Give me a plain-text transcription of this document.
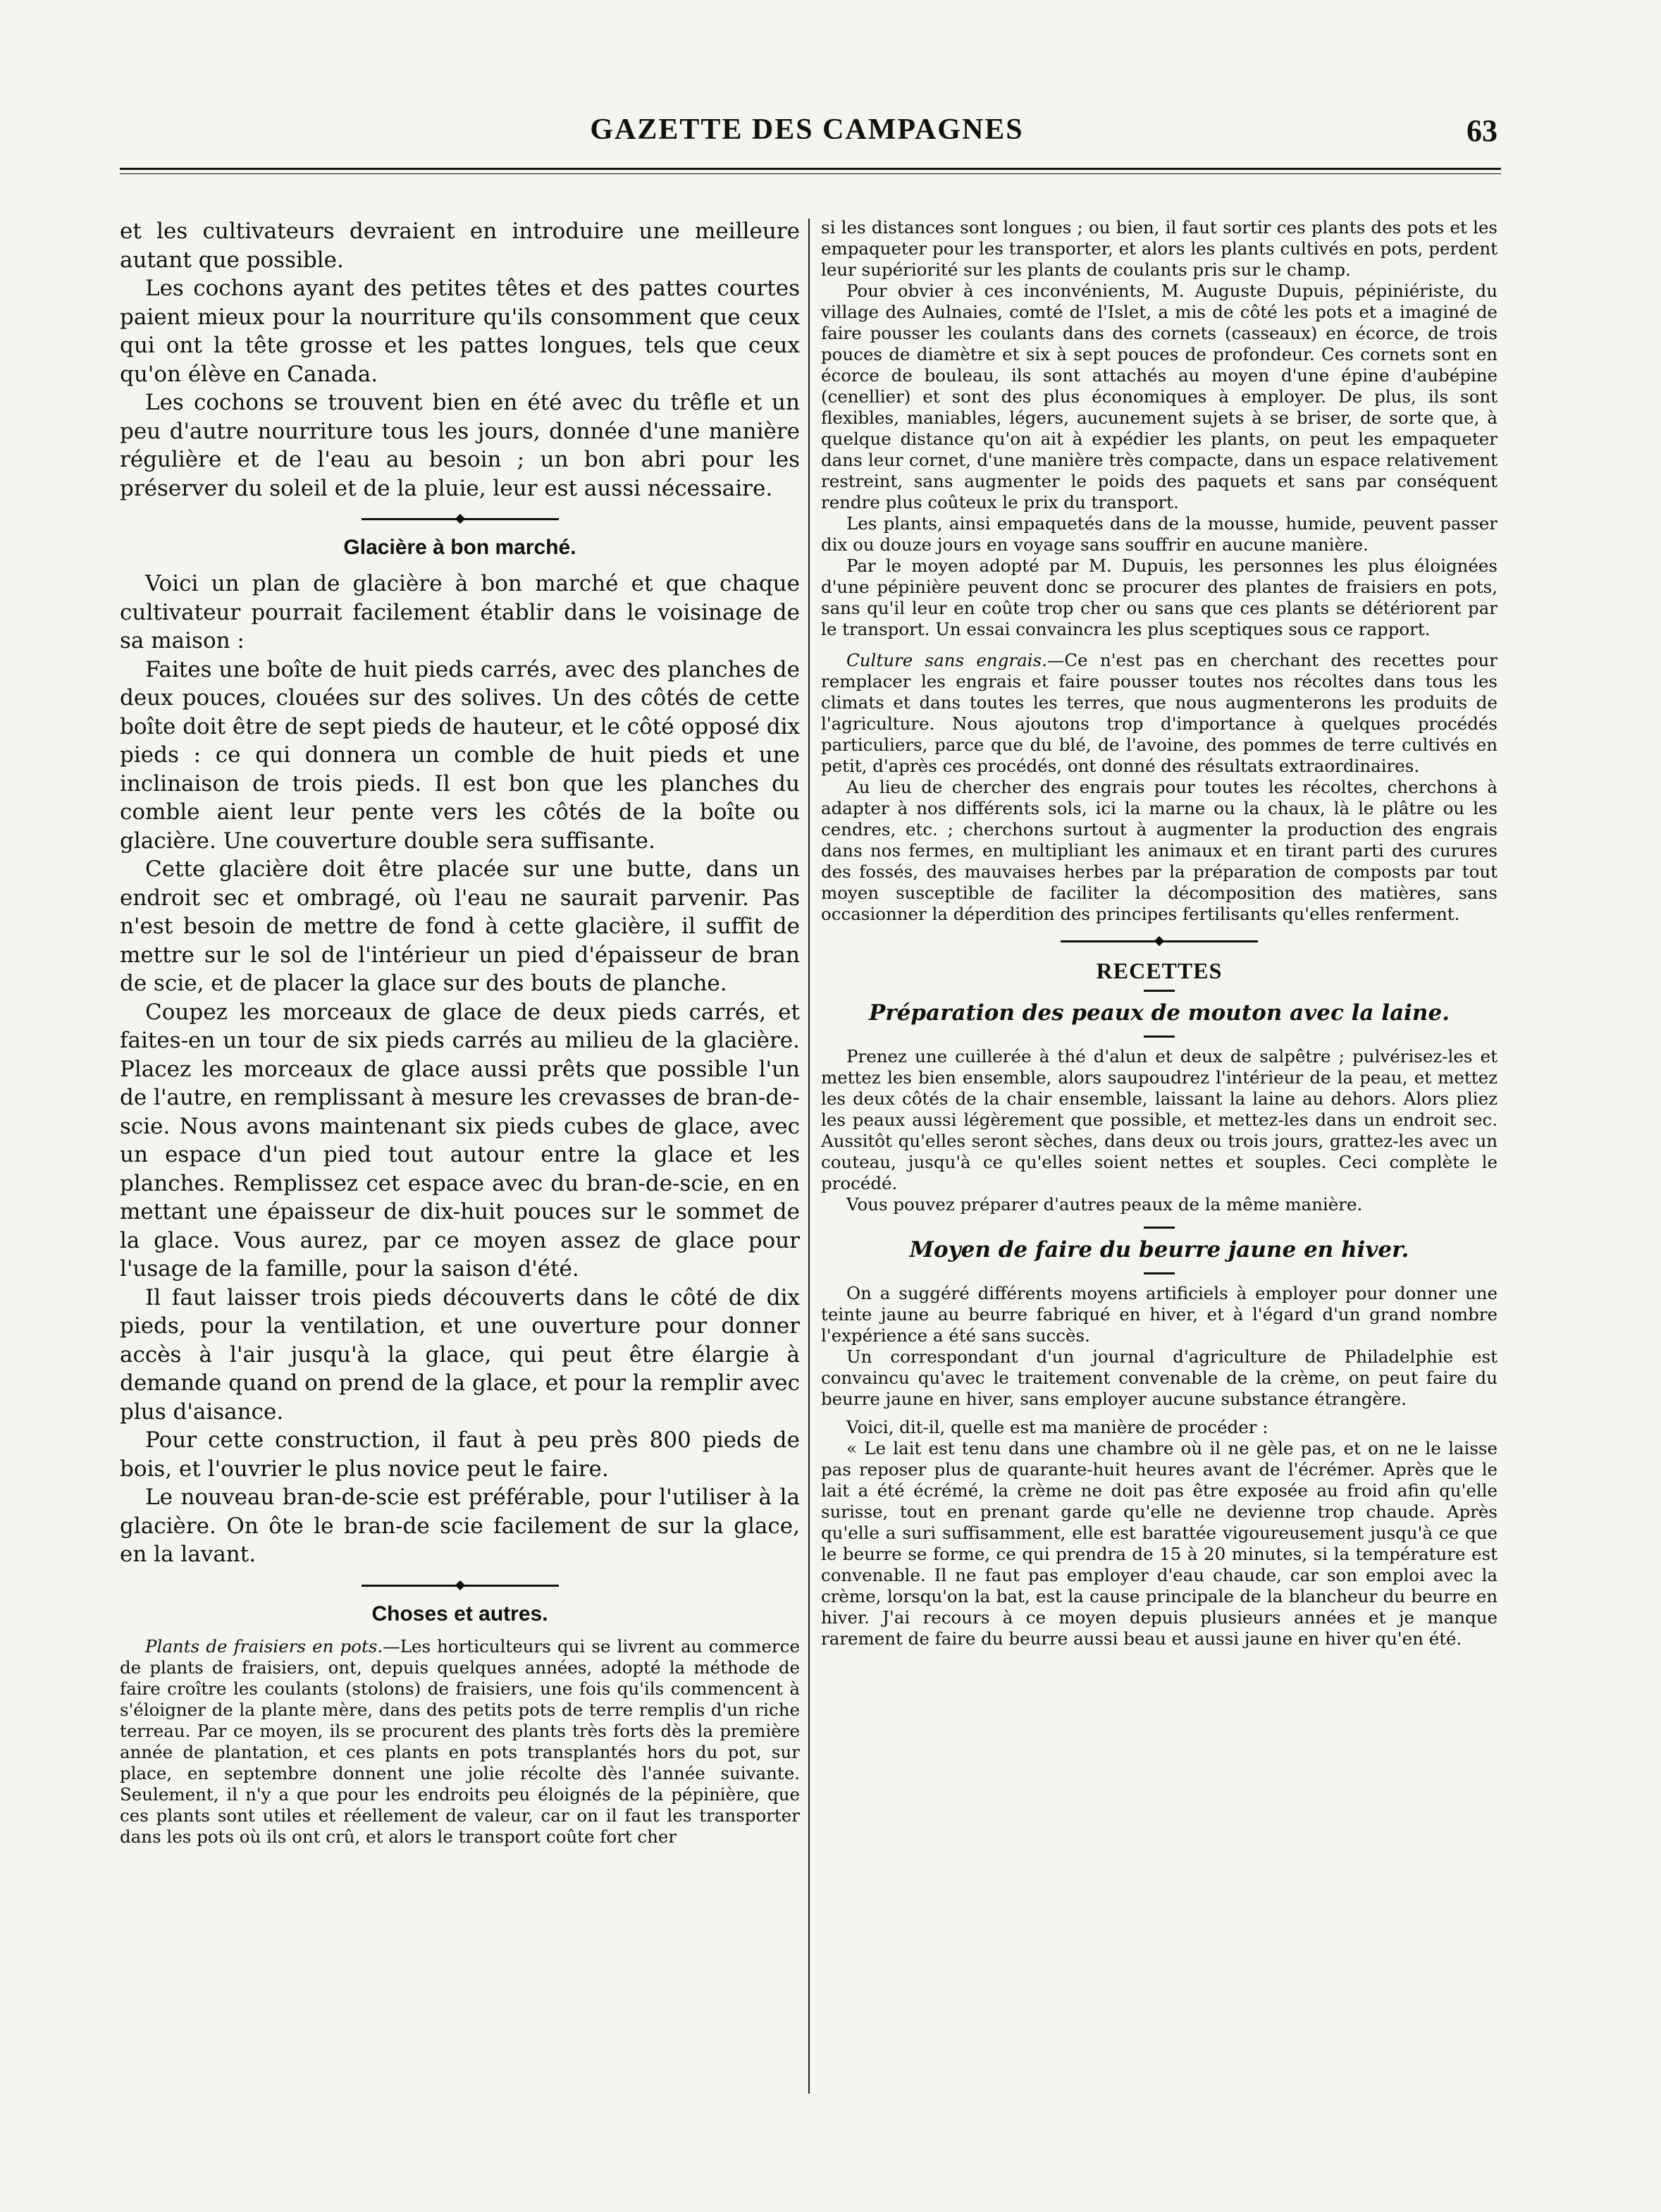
GAZETTE DES CAMPAGNES	63

et les cultivateurs devraient en introduire une meilleure autant que possible.

Les cochons ayant des petites têtes et des pattes courtes paient mieux pour la nourriture qu'ils consomment que ceux qui ont la tête grosse et les pattes longues, tels que ceux qu'on élève en Canada.

Les cochons se trouvent bien en été avec du trêfle et un peu d'autre nourriture tous les jours, donnée d'une manière régulière et de l'eau au besoin ; un bon abri pour les préserver du soleil et de la pluie, leur est aussi nécessaire.

Glacière à bon marché.

Voici un plan de glacière à bon marché et que chaque cultivateur pourrait facilement établir dans le voisinage de sa maison :

Faites une boîte de huit pieds carrés, avec des planches de deux pouces, clouées sur des solives. Un des côtés de cette boîte doit être de sept pieds de hauteur, et le côté opposé dix pieds : ce qui donnera un comble de huit pieds et une inclinaison de trois pieds. Il est bon que les planches du comble aient leur pente vers les côtés de la boîte ou glacière. Une couverture double sera suffisante.

Cette glacière doit être placée sur une butte, dans un endroit sec et ombragé, où l'eau ne saurait parvenir. Pas n'est besoin de mettre de fond à cette glacière, il suffit de mettre sur le sol de l'intérieur un pied d'épaisseur de bran de scie, et de placer la glace sur des bouts de planche.

Coupez les morceaux de glace de deux pieds carrés, et faites-en un tour de six pieds carrés au milieu de la glacière. Placez les morceaux de glace aussi prêts que possible l'un de l'autre, en remplissant à mesure les crevasses de bran-de-scie. Nous avons maintenant six pieds cubes de glace, avec un espace d'un pied tout autour entre la glace et les planches. Remplissez cet espace avec du bran-de-scie, en en mettant une épaisseur de dix-huit pouces sur le sommet de la glace. Vous aurez, par ce moyen assez de glace pour l'usage de la famille, pour la saison d'été.

Il faut laisser trois pieds découverts dans le côté de dix pieds, pour la ventilation, et une ouverture pour donner accès à l'air jusqu'à la glace, qui peut être élargie à demande quand on prend de la glace, et pour la remplir avec plus d'aisance.

Pour cette construction, il faut à peu près 800 pieds de bois, et l'ouvrier le plus novice peut le faire.

Le nouveau bran-de-scie est préférable, pour l'utiliser à la glacière. On ôte le bran-de scie facilement de sur la glace, en la lavant.

Choses et autres.

Plants de fraisiers en pots.—Les horticulteurs qui se livrent au commerce de plants de fraisiers, ont, depuis quelques années, adopté la méthode de faire croître les coulants (stolons) de fraisiers, une fois qu'ils commencent à s'éloigner de la plante mère, dans des petits pots de terre remplis d'un riche terreau. Par ce moyen, ils se procurent des plants très forts dès la première année de plantation, et ces plants en pots transplantés hors du pot, sur place, en septembre donnent une jolie récolte dès l'année suivante. Seulement, il n'y a que pour les endroits peu éloignés de la pépinière, que ces plants sont utiles et réellement de valeur, car on il faut les transporter dans les pots où ils ont crû, et alors le transport coûte fort cher

si les distances sont longues ; ou bien, il faut sortir ces plants des pots et les empaqueter pour les transporter, et alors les plants cultivés en pots, perdent leur supériorité sur les plants de coulants pris sur le champ.

Pour obvier à ces inconvénients, M. Auguste Dupuis, pépiniériste, du village des Aulnaies, comté de l'Islet, a mis de côté les pots et a imaginé de faire pousser les coulants dans des cornets (casseaux) en écorce, de trois pouces de diamètre et six à sept pouces de profondeur. Ces cornets sont en écorce de bouleau, ils sont attachés au moyen d'une épine d'aubépine (cenellier) et sont des plus économiques à employer. De plus, ils sont flexibles, maniables, légers, aucunement sujets à se briser, de sorte que, à quelque distance qu'on ait à expédier les plants, on peut les empaqueter dans leur cornet, d'une manière très compacte, dans un espace relativement restreint, sans augmenter le poids des paquets et sans par conséquent rendre plus coûteux le prix du transport.

Les plants, ainsi empaquetés dans de la mousse, humide, peuvent passer dix ou douze jours en voyage sans souffrir en aucune manière.

Par le moyen adopté par M. Dupuis, les personnes les plus éloignées d'une pépinière peuvent donc se procurer des plantes de fraisiers en pots, sans qu'il leur en coûte trop cher ou sans que ces plants se détériorent par le transport. Un essai convaincra les plus sceptiques sous ce rapport.

Culture sans engrais.—Ce n'est pas en cherchant des recettes pour remplacer les engrais et faire pousser toutes nos récoltes dans tous les climats et dans toutes les terres, que nous augmenterons les produits de l'agriculture. Nous ajoutons trop d'importance à quelques procédés particuliers, parce que du blé, de l'avoine, des pommes de terre cultivés en petit, d'après ces procédés, ont donné des résultats extraordinaires.

Au lieu de chercher des engrais pour toutes les récoltes, cherchons à adapter à nos différents sols, ici la marne ou la chaux, là le plâtre ou les cendres, etc. ; cherchons surtout à augmenter la production des engrais dans nos fermes, en multipliant les animaux et en tirant parti des curures des fossés, des mauvaises herbes par la préparation de composts par tout moyen susceptible de faciliter la décomposition des matières, sans occasionner la déperdition des principes fertilisants qu'elles renferment.

RECETTES
Préparation des peaux de mouton avec la laine.

Prenez une cuillerée à thé d'alun et deux de salpêtre ; pulvérisez-les et mettez les bien ensemble, alors saupoudrez l'intérieur de la peau, et mettez les deux côtés de la chair ensemble, laissant la laine au dehors. Alors pliez les peaux aussi légèrement que possible, et mettez-les dans un endroit sec. Aussitôt qu'elles seront sèches, dans deux ou trois jours, grattez-les avec un couteau, jusqu'à ce qu'elles soient nettes et souples. Ceci complète le procédé.

Vous pouvez préparer d'autres peaux de la même manière.

Moyen de faire du beurre jaune en hiver.

On a suggéré différents moyens artificiels à employer pour donner une teinte jaune au beurre fabriqué en hiver, et à l'égard d'un grand nombre l'expérience a été sans succès.

Un correspondant d'un journal d'agriculture de Philadelphie est convaincu qu'avec le traitement convenable de la crème, on peut faire du beurre jaune en hiver, sans employer aucune substance étrangère.

Voici, dit-il, quelle est ma manière de procéder :

« Le lait est tenu dans une chambre où il ne gèle pas, et on ne le laisse pas reposer plus de quarante-huit heures avant de l'écrémer. Après que le lait a été écrémé, la crème ne doit pas être exposée au froid afin qu'elle surisse, tout en prenant garde qu'elle ne devienne trop chaude. Après qu'elle a suri suffisamment, elle est barattée vigoureusement jusqu'à ce que le beurre se forme, ce qui prendra de 15 à 20 minutes, si la température est convenable. Il ne faut pas employer d'eau chaude, car son emploi avec la crème, lorsqu'on la bat, est la cause principale de la blancheur du beurre en hiver. J'ai recours à ce moyen depuis plusieurs années et je manque rarement de faire du beurre aussi beau et aussi jaune en hiver qu'en été.
